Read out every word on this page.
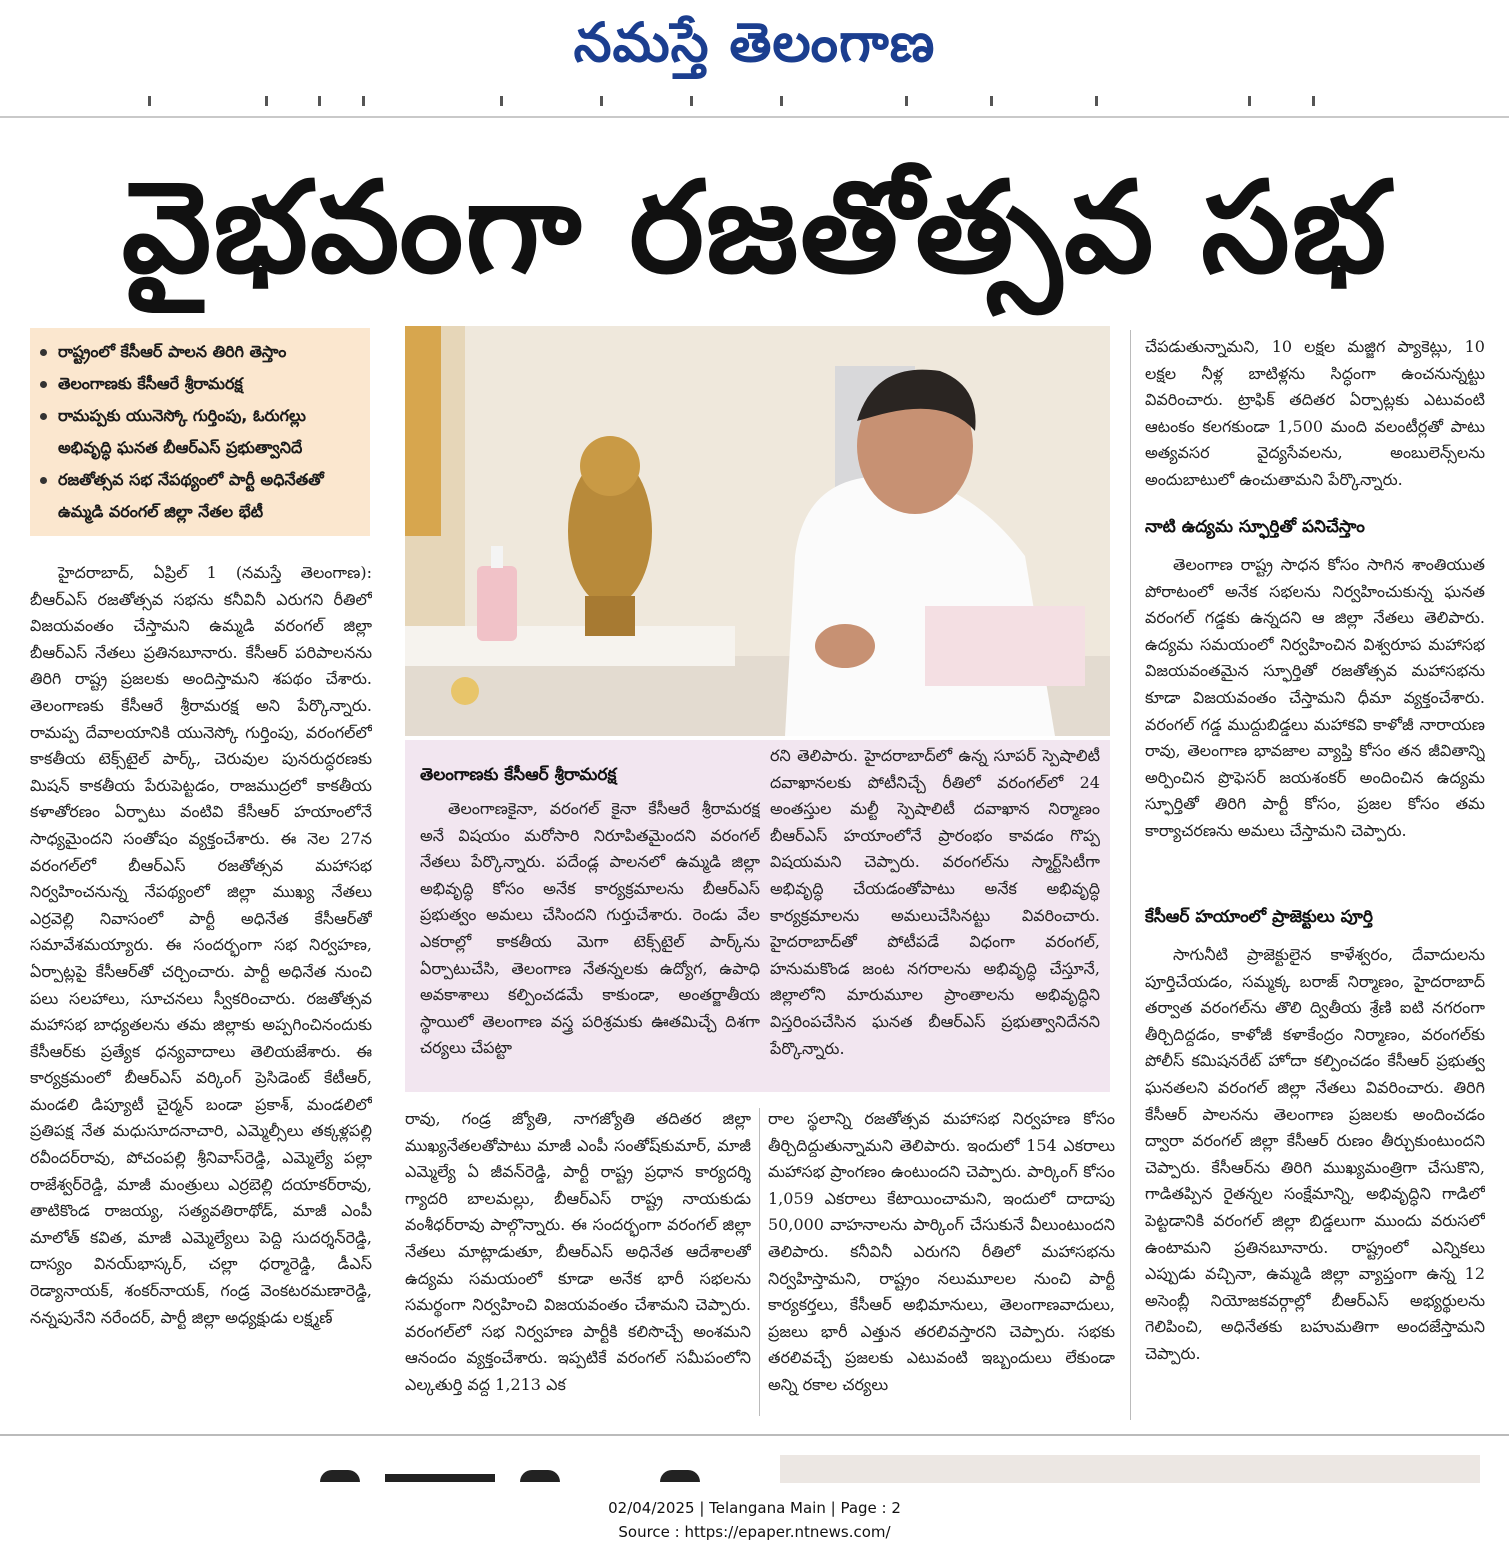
నమస్తే తెలంగాణ
వైభవంగా రజతోత్సవ సభ
రాష్ట్రంలో కేసీఆర్ పాలన తిరిగి తెస్తాం
తెలంగాణకు కేసీఆరే శ్రీరామరక్ష
రామప్పకు యునెస్కో గుర్తింపు, ఓరుగల్లు అభివృద్ధి ఘనత బీఆర్ఎస్ ప్రభుత్వానిదే
రజతోత్సవ సభ నేపథ్యంలో పార్టీ అధినేతతో ఉమ్మడి వరంగల్ జిల్లా నేతల భేటీ

హైదరాబాద్, ఏప్రిల్ 1 (నమస్తే తెలంగాణ): బీఆర్ఎస్ రజతోత్సవ సభను కనీవినీ ఎరుగని రీతిలో విజయవంతం చేస్తామని ఉమ్మడి వరంగల్ జిల్లా బీఆర్ఎస్ నేతలు ప్రతినబూనారు. కేసీఆర్ పరిపాలనను తిరిగి రాష్ట్ర ప్రజలకు అందిస్తామని శపథం చేశారు. తెలంగాణకు కేసీఆరే శ్రీరామరక్ష అని పేర్కొన్నారు. రామప్ప దేవాలయానికి యునెస్కో గుర్తింపు, వరంగల్‌లో కాకతీయ టెక్స్‌టైల్ పార్క్, చెరువుల పునరుద్ధరణకు మిషన్ కాకతీయ పేరుపెట్టడం, రాజముద్రలో కాకతీయ కళాతోరణం ఏర్పాటు వంటివి కేసీఆర్ హయాంలోనే సాధ్యమైందని సంతోషం వ్యక్తంచేశారు. ఈ నెల 27న వరంగల్‌లో బీఆర్ఎస్ రజతోత్సవ మహాసభ నిర్వహించనున్న నేపథ్యంలో జిల్లా ముఖ్య నేతలు ఎర్రవెల్లి నివాసంలో పార్టీ అధినేత కేసీఆర్‌తో సమావేశమయ్యారు. ఈ సందర్భంగా సభ నిర్వహణ, ఏర్పాట్లపై కేసీఆర్‌తో చర్చించారు. పార్టీ అధినేత నుంచి పలు సలహాలు, సూచనలు స్వీకరించారు. రజతోత్సవ మహాసభ బాధ్యతలను తమ జిల్లాకు అప్పగించినందుకు కేసీఆర్‌కు ప్రత్యేక ధన్యవాదాలు తెలియజేశారు. ఈ కార్యక్రమంలో బీఆర్ఎస్ వర్కింగ్ ప్రెసిడెంట్ కేటీఆర్, మండలి డిప్యూటీ చైర్మన్ బండా ప్రకాశ్, మండలిలో ప్రతిపక్ష నేత మధుసూదనాచారి, ఎమ్మెల్సీలు తక్కళ్లపల్లి రవీందర్‌రావు, పోచంపల్లి శ్రీనివాస్‌రెడ్డి, ఎమ్మెల్యే పల్లా రాజేశ్వర్‌రెడ్డి, మాజీ మంత్రులు ఎర్రబెల్లి దయాకర్‌రావు, తాటికొండ రాజయ్య, సత్యవతిరాథోడ్, మాజీ ఎంపీ మాలోత్ కవిత, మాజీ ఎమ్మెల్యేలు పెద్ది సుదర్శన్‌రెడ్డి, దాస్యం వినయ్‌భాస్కర్, చల్లా ధర్మారెడ్డి, డీఎస్ రెడ్యానాయక్, శంకర్‌నాయక్, గండ్ర వెంకటరమణారెడ్డి, నన్నపునేని నరేందర్, పార్టీ జిల్లా అధ్యక్షుడు లక్ష్మణ్

తెలంగాణకు కేసీఆర్ శ్రీరామరక్ష

తెలంగాణకైనా, వరంగల్ కైనా కేసీఆరే శ్రీరామరక్ష అనే విషయం మరోసారి నిరూపితమైందని వరంగల్ నేతలు పేర్కొన్నారు. పదేండ్ల పాలనలో ఉమ్మడి జిల్లా అభివృద్ధి కోసం అనేక కార్యక్రమాలను బీఆర్ఎస్ ప్రభుత్వం అమలు చేసిందని గుర్తుచేశారు. రెండు వేల ఎకరాల్లో కాకతీయ మెగా టెక్స్‌టైల్ పార్క్‌ను ఏర్పాటుచేసి, తెలంగాణ నేతన్నలకు ఉద్యోగ, ఉపాధి అవకాశాలు కల్పించడమే కాకుండా, అంతర్జాతీయ స్థాయిలో తెలంగాణ వస్త్ర పరిశ్రమకు ఊతమిచ్చే దిశగా చర్యలు చేపట్టా

రని తెలిపారు. హైదరాబాద్‌లో ఉన్న సూపర్ స్పెషాలిటీ దవాఖానలకు పోటీనిచ్చే రీతిలో వరంగల్‌లో 24 అంతస్తుల మల్టీ స్పెషాలిటీ దవాఖాన నిర్మాణం బీఆర్ఎస్ హయాంలోనే ప్రారంభం కావడం గొప్ప విషయమని చెప్పారు. వరంగల్‌ను స్మార్ట్‌సిటీగా అభివృద్ధి చేయడంతోపాటు అనేక అభివృద్ధి కార్యక్రమాలను అమలుచేసినట్టు వివరించారు. హైదరాబాద్‌తో పోటీపడే విధంగా వరంగల్, హనుమకొండ జంట నగరాలను అభివృద్ధి చేస్తూనే, జిల్లాలోని మారుమూల ప్రాంతాలను అభివృద్ధిని విస్తరింపచేసిన ఘనత బీఆర్ఎస్ ప్రభుత్వానిదేనని పేర్కొన్నారు.

రావు, గండ్ర జ్యోతి, నాగజ్యోతి తదితర జిల్లా ముఖ్యనేతలతోపాటు మాజీ ఎంపీ సంతోష్‌కుమార్, మాజీ ఎమ్మెల్యే ఏ జీవన్‌రెడ్డి, పార్టీ రాష్ట్ర ప్రధాన కార్యదర్శి గ్యాదరి బాలమల్లు, బీఆర్ఎస్ రాష్ట్ర నాయకుడు వంశీధర్‌రావు పాల్గొన్నారు. ఈ సందర్భంగా వరంగల్ జిల్లా నేతలు మాట్లాడుతూ, బీఆర్ఎస్ అధినేత ఆదేశాలతో ఉద్యమ సమయంలో కూడా అనేక భారీ సభలను సమర్థంగా నిర్వహించి విజయవంతం చేశామని చెప్పారు. వరంగల్‌లో సభ నిర్వహణ పార్టీకి కలిసొచ్చే అంశమని ఆనందం వ్యక్తంచేశారు. ఇప్పటికే వరంగల్ సమీపంలోని ఎల్కతుర్తి వద్ద 1,213 ఎక

రాల స్థలాన్ని రజతోత్సవ మహాసభ నిర్వహణ కోసం తీర్చిదిద్దుతున్నామని తెలిపారు. ఇందులో 154 ఎకరాలు మహాసభ ప్రాంగణం ఉంటుందని చెప్పారు. పార్కింగ్ కోసం 1,059 ఎకరాలు కేటాయించామని, ఇందులో దాదాపు 50,000 వాహనాలను పార్కింగ్ చేసుకునే వీలుంటుందని తెలిపారు. కనీవినీ ఎరుగని రీతిలో మహాసభను నిర్వహిస్తామని, రాష్ట్రం నలుమూలల నుంచి పార్టీ కార్యకర్తలు, కేసీఆర్ అభిమానులు, తెలంగాణవాదులు, ప్రజలు భారీ ఎత్తున తరలివస్తారని చెప్పారు. సభకు తరలివచ్చే ప్రజలకు ఎటువంటి ఇబ్బందులు లేకుండా అన్ని రకాల చర్యలు

చేపడుతున్నామని, 10 లక్షల మజ్జిగ ప్యాకెట్లు, 10 లక్షల నీళ్ల బాటిళ్లను సిద్ధంగా ఉంచనున్నట్టు వివరించారు. ట్రాఫిక్ తదితర ఏర్పాట్లకు ఎటువంటి ఆటంకం కలగకుండా 1,500 మంది వలంటీర్లతో పాటు అత్యవసర వైద్యసేవలను, అంబులెన్స్‌లను అందుబాటులో ఉంచుతామని పేర్కొన్నారు.

నాటి ఉద్యమ స్ఫూర్తితో పనిచేస్తాం

తెలంగాణ రాష్ట్ర సాధన కోసం సాగిన శాంతియుత పోరాటంలో అనేక సభలను నిర్వహించుకున్న ఘనత వరంగల్ గడ్డకు ఉన్నదని ఆ జిల్లా నేతలు తెలిపారు. ఉద్యమ సమయంలో నిర్వహించిన విశ్వరూప మహాసభ విజయవంతమైన స్ఫూర్తితో రజతోత్సవ మహాసభను కూడా విజయవంతం చేస్తామని ధీమా వ్యక్తంచేశారు. వరంగల్ గడ్డ ముద్దుబిడ్డలు మహాకవి కాళోజీ నారాయణ రావు, తెలంగాణ భావజాల వ్యాప్తి కోసం తన జీవితాన్ని అర్పించిన ప్రొఫెసర్ జయశంకర్ అందించిన ఉద్యమ స్ఫూర్తితో తిరిగి పార్టీ కోసం, ప్రజల కోసం తమ కార్యాచరణను అమలు చేస్తామని చెప్పారు.

కేసీఆర్ హయాంలో ప్రాజెక్టులు పూర్తి

సాగునీటి ప్రాజెక్టులైన కాళేశ్వరం, దేవాదులను పూర్తిచేయడం, సమ్మక్క బరాజ్ నిర్మాణం, హైదరాబాద్ తర్వాత వరంగల్‌ను తొలి ద్వితీయ శ్రేణి ఐటి నగరంగా తీర్చిదిద్దడం, కాళోజీ కళాకేంద్రం నిర్మాణం, వరంగల్‌కు పోలీస్ కమిషనరేట్ హోదా కల్పించడం కేసీఆర్ ప్రభుత్వ ఘనతలని వరంగల్ జిల్లా నేతలు వివరించారు. తిరిగి కేసీఆర్ పాలనను తెలంగాణ ప్రజలకు అందించడం ద్వారా వరంగల్ జిల్లా కేసీఆర్ రుణం తీర్చుకుంటుందని చెప్పారు. కేసీఆర్‌ను తిరిగి ముఖ్యమంత్రిగా చేసుకొని, గాడితప్పిన రైతన్నల సంక్షేమాన్ని, అభివృద్ధిని గాడిలో పెట్టడానికి వరంగల్ జిల్లా బిడ్డలుగా ముందు వరుసలో ఉంటామని ప్రతినబూనారు. రాష్ట్రంలో ఎన్నికలు ఎప్పుడు వచ్చినా, ఉమ్మడి జిల్లా వ్యాప్తంగా ఉన్న 12 అసెంబ్లీ నియోజకవర్గాల్లో బీఆర్ఎస్ అభ్యర్థులను గెలిపించి, అధినేతకు బహుమతిగా అందజేస్తామని చెప్పారు.

02/04/2025 | Telangana Main | Page : 2
Source : https://epaper.ntnews.com/
